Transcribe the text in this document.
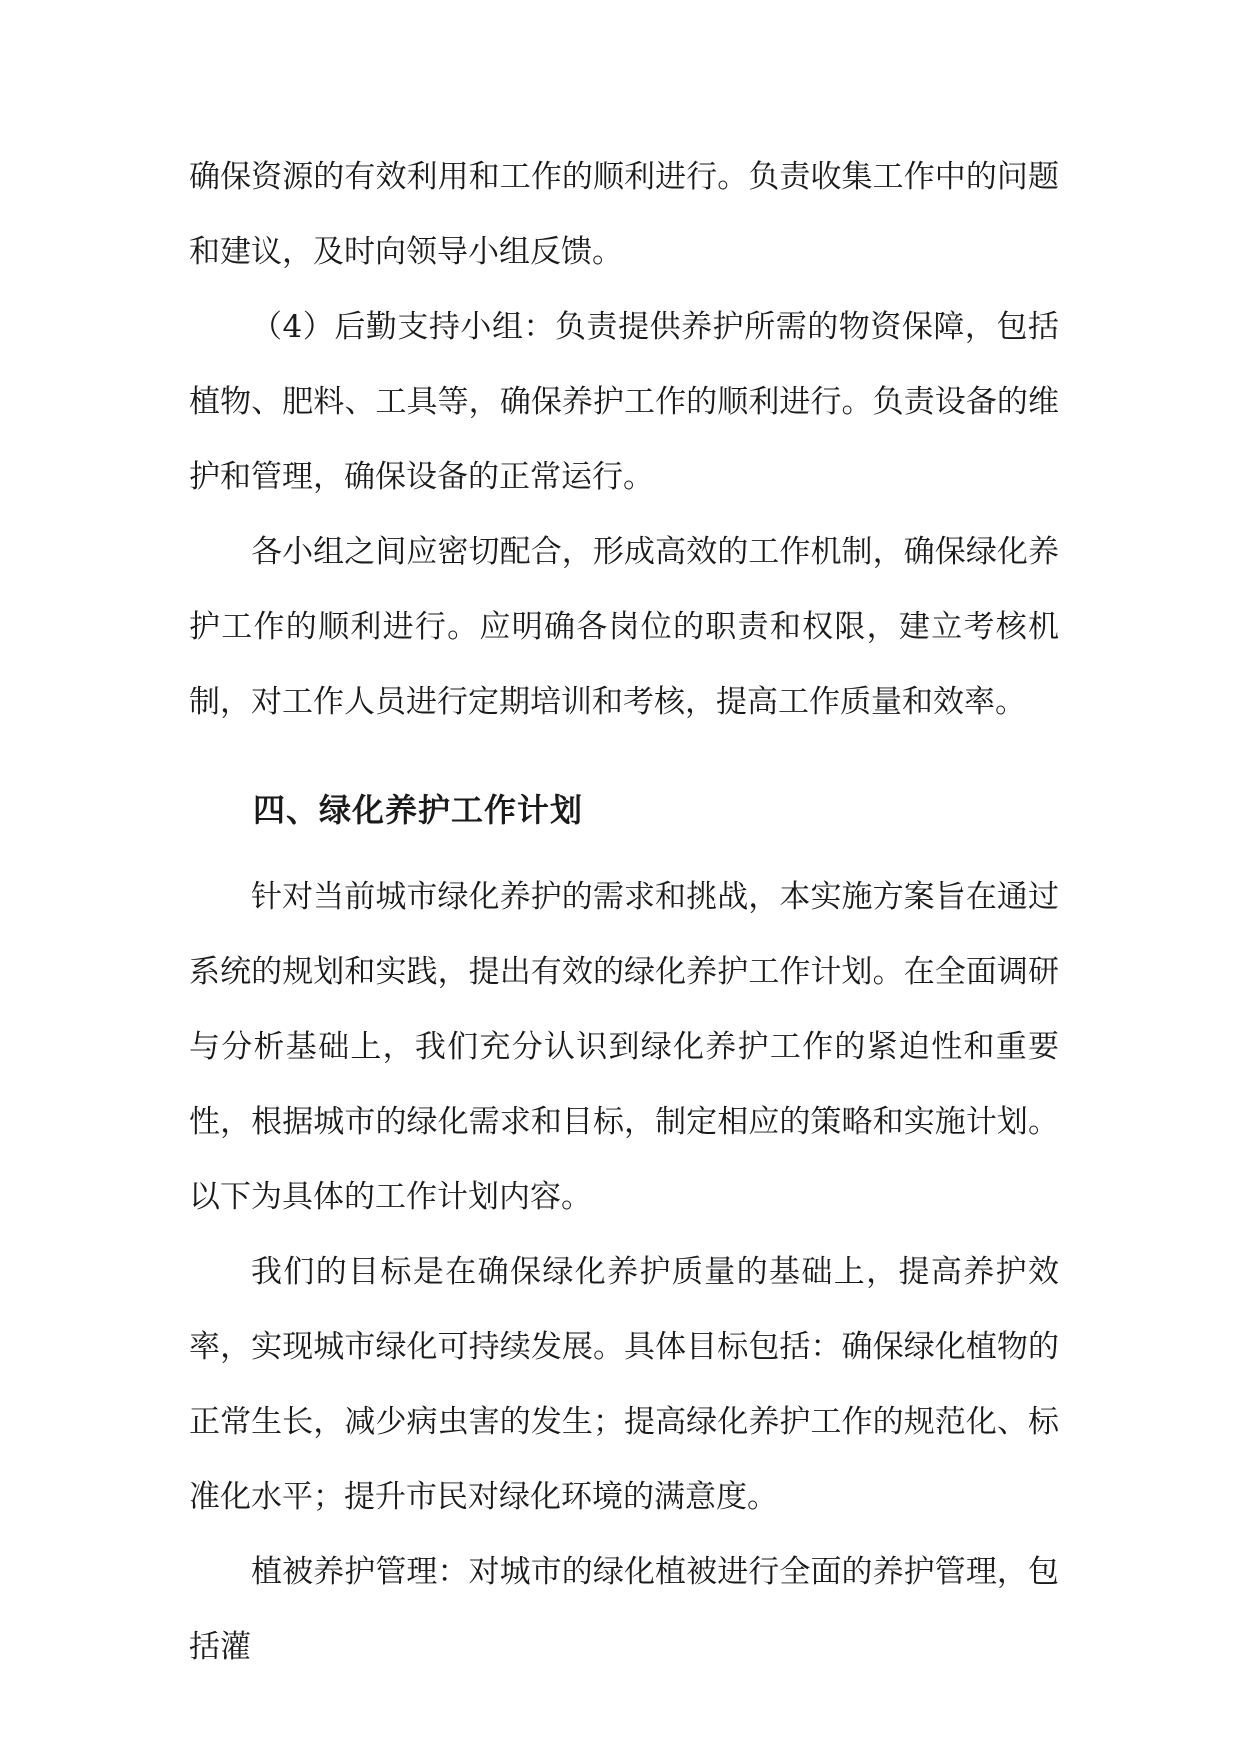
确保资源的有效利用和工作的顺利进行。负责收集工作中的问题和建议，及时向领导小组反馈。

（4）后勤支持小组：负责提供养护所需的物资保障，包括植物、肥料、工具等，确保养护工作的顺利进行。负责设备的维护和管理，确保设备的正常运行。

各小组之间应密切配合，形成高效的工作机制，确保绿化养护工作的顺利进行。应明确各岗位的职责和权限，建立考核机制，对工作人员进行定期培训和考核，提高工作质量和效率。

四、绿化养护工作计划

针对当前城市绿化养护的需求和挑战，本实施方案旨在通过系统的规划和实践，提出有效的绿化养护工作计划。在全面调研与分析基础上，我们充分认识到绿化养护工作的紧迫性和重要性，根据城市的绿化需求和目标，制定相应的策略和实施计划。以下为具体的工作计划内容。

我们的目标是在确保绿化养护质量的基础上，提高养护效率，实现城市绿化可持续发展。具体目标包括：确保绿化植物的正常生长，减少病虫害的发生；提高绿化养护工作的规范化、标准化水平；提升市民对绿化环境的满意度。

植被养护管理：对城市的绿化植被进行全面的养护管理，包括灌
